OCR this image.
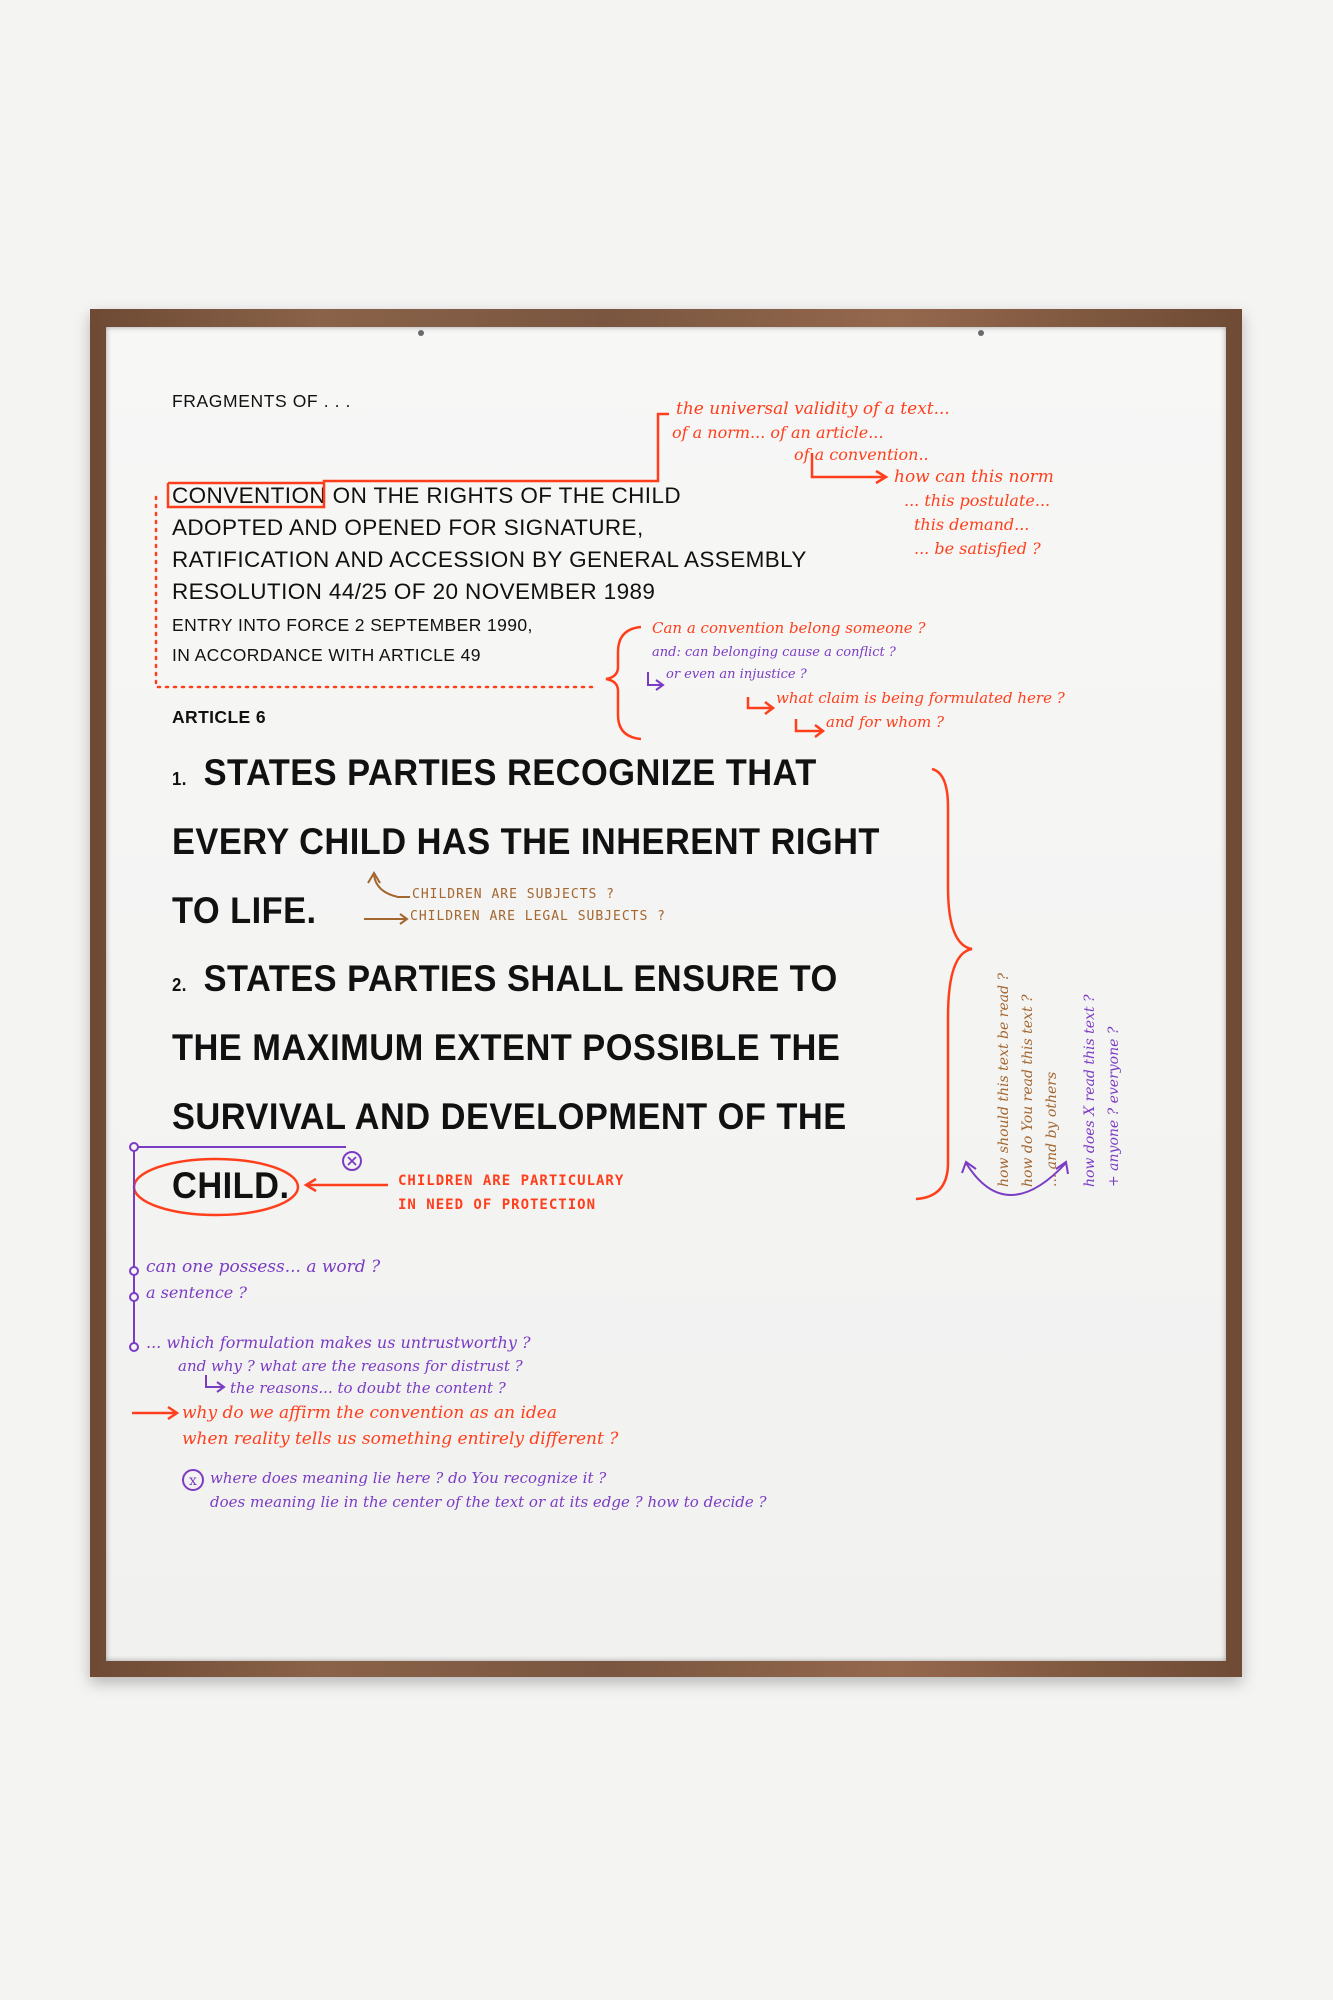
FRAGMENTS OF . . .

CONVENTION ON THE RIGHTS OF THE CHILD

ADOPTED AND OPENED FOR SIGNATURE,

RATIFICATION AND ACCESSION BY GENERAL ASSEMBLY

RESOLUTION 44/25 OF 20 NOVEMBER 1989

ENTRY INTO FORCE 2 SEPTEMBER 1990,

IN ACCORDANCE WITH ARTICLE 49

ARTICLE 6

1. STATES PARTIES RECOGNIZE THAT

EVERY CHILD HAS THE INHERENT RIGHT

TO LIFE.

2. STATES PARTIES SHALL ENSURE TO

THE MAXIMUM EXTENT POSSIBLE THE

SURVIVAL AND DEVELOPMENT OF THE

CHILD.

the universal validity of a text...

of a norm... of an article...

of a convention..

how can this norm

... this postulate...

this demand...

... be satisfied ?

Can a convention belong someone ?

and: can belonging cause a conflict ?

or even an injustice ?

what claim is being formulated here ?

and for whom ?

CHILDREN ARE SUBJECTS ?

CHILDREN ARE LEGAL SUBJECTS ?

CHILDREN ARE PARTICULARY

IN NEED OF PROTECTION

how should this text be read ? how do You read this text ? ... and by others how does X read this text ? + anyone ? everyone ?

can one possess... a word ?

a sentence ?

... which formulation makes us untrustworthy ?

and why ? what are the reasons for distrust ?

the reasons... to doubt the content ?

why do we affirm the convention as an idea

when reality tells us something entirely different ?

x where does meaning lie here ? do You recognize it ?

does meaning lie in the center of the text or at its edge ? how to decide ?
